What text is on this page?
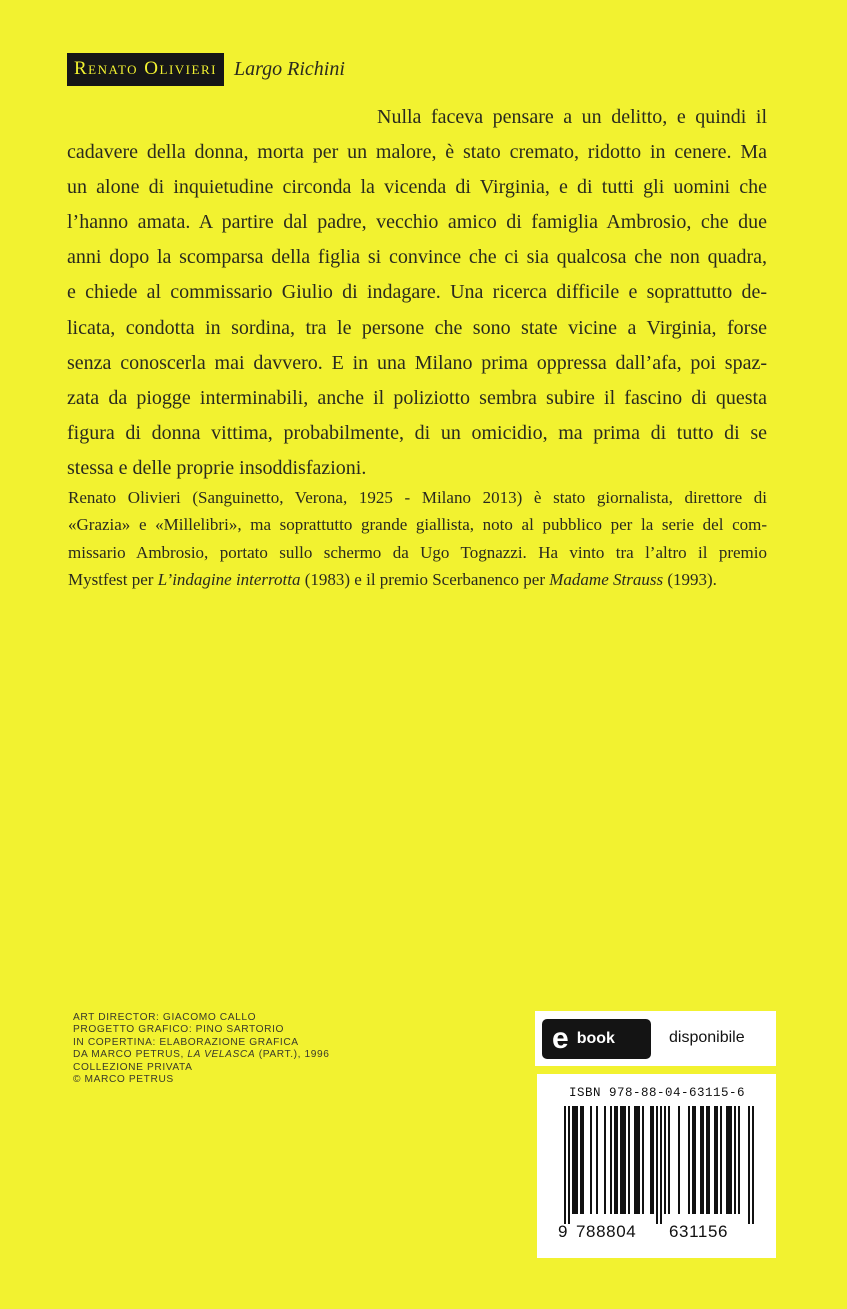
Renato Olivieri Largo Richini
Nulla faceva pensare a un delitto, e quindi il
cadavere della donna, morta per un malore, è stato cremato, ridotto in cenere. Ma
un alone di inquietudine circonda la vicenda di Virginia, e di tutti gli uomini che
l’hanno amata. A partire dal padre, vecchio amico di famiglia Ambrosio, che due
anni dopo la scomparsa della figlia si convince che ci sia qualcosa che non quadra,
e chiede al commissario Giulio di indagare. Una ricerca difficile e soprattutto de-
licata, condotta in sordina, tra le persone che sono state vicine a Virginia, forse
senza conoscerla mai davvero. E in una Milano prima oppressa dall’afa, poi spaz-
zata da piogge interminabili, anche il poliziotto sembra subire il fascino di questa
figura di donna vittima, probabilmente, di un omicidio, ma prima di tutto di se
stessa e delle proprie insoddisfazioni.
Renato Olivieri (Sanguinetto, Verona, 1925 - Milano 2013) è stato giornalista, direttore di
«Grazia» e «Millelibri», ma soprattutto grande giallista, noto al pubblico per la serie del com-
missario Ambrosio, portato sullo schermo da Ugo Tognazzi. Ha vinto tra l’altro il premio
Mystfest per L’indagine interrotta (1983) e il premio Scerbanenco per Madame Strauss (1993).
ART DIRECTOR: GIACOMO CALLO
PROGETTO GRAFICO: PINO SARTORIO
IN COPERTINA: ELABORAZIONE GRAFICA
DA MARCO PETRUS, LA VELASCA (PART.), 1996
COLLEZIONE PRIVATA
© MARCO PETRUS
e book	disponibile
ISBN 978-88-04-63115-6
9 788804 631156
